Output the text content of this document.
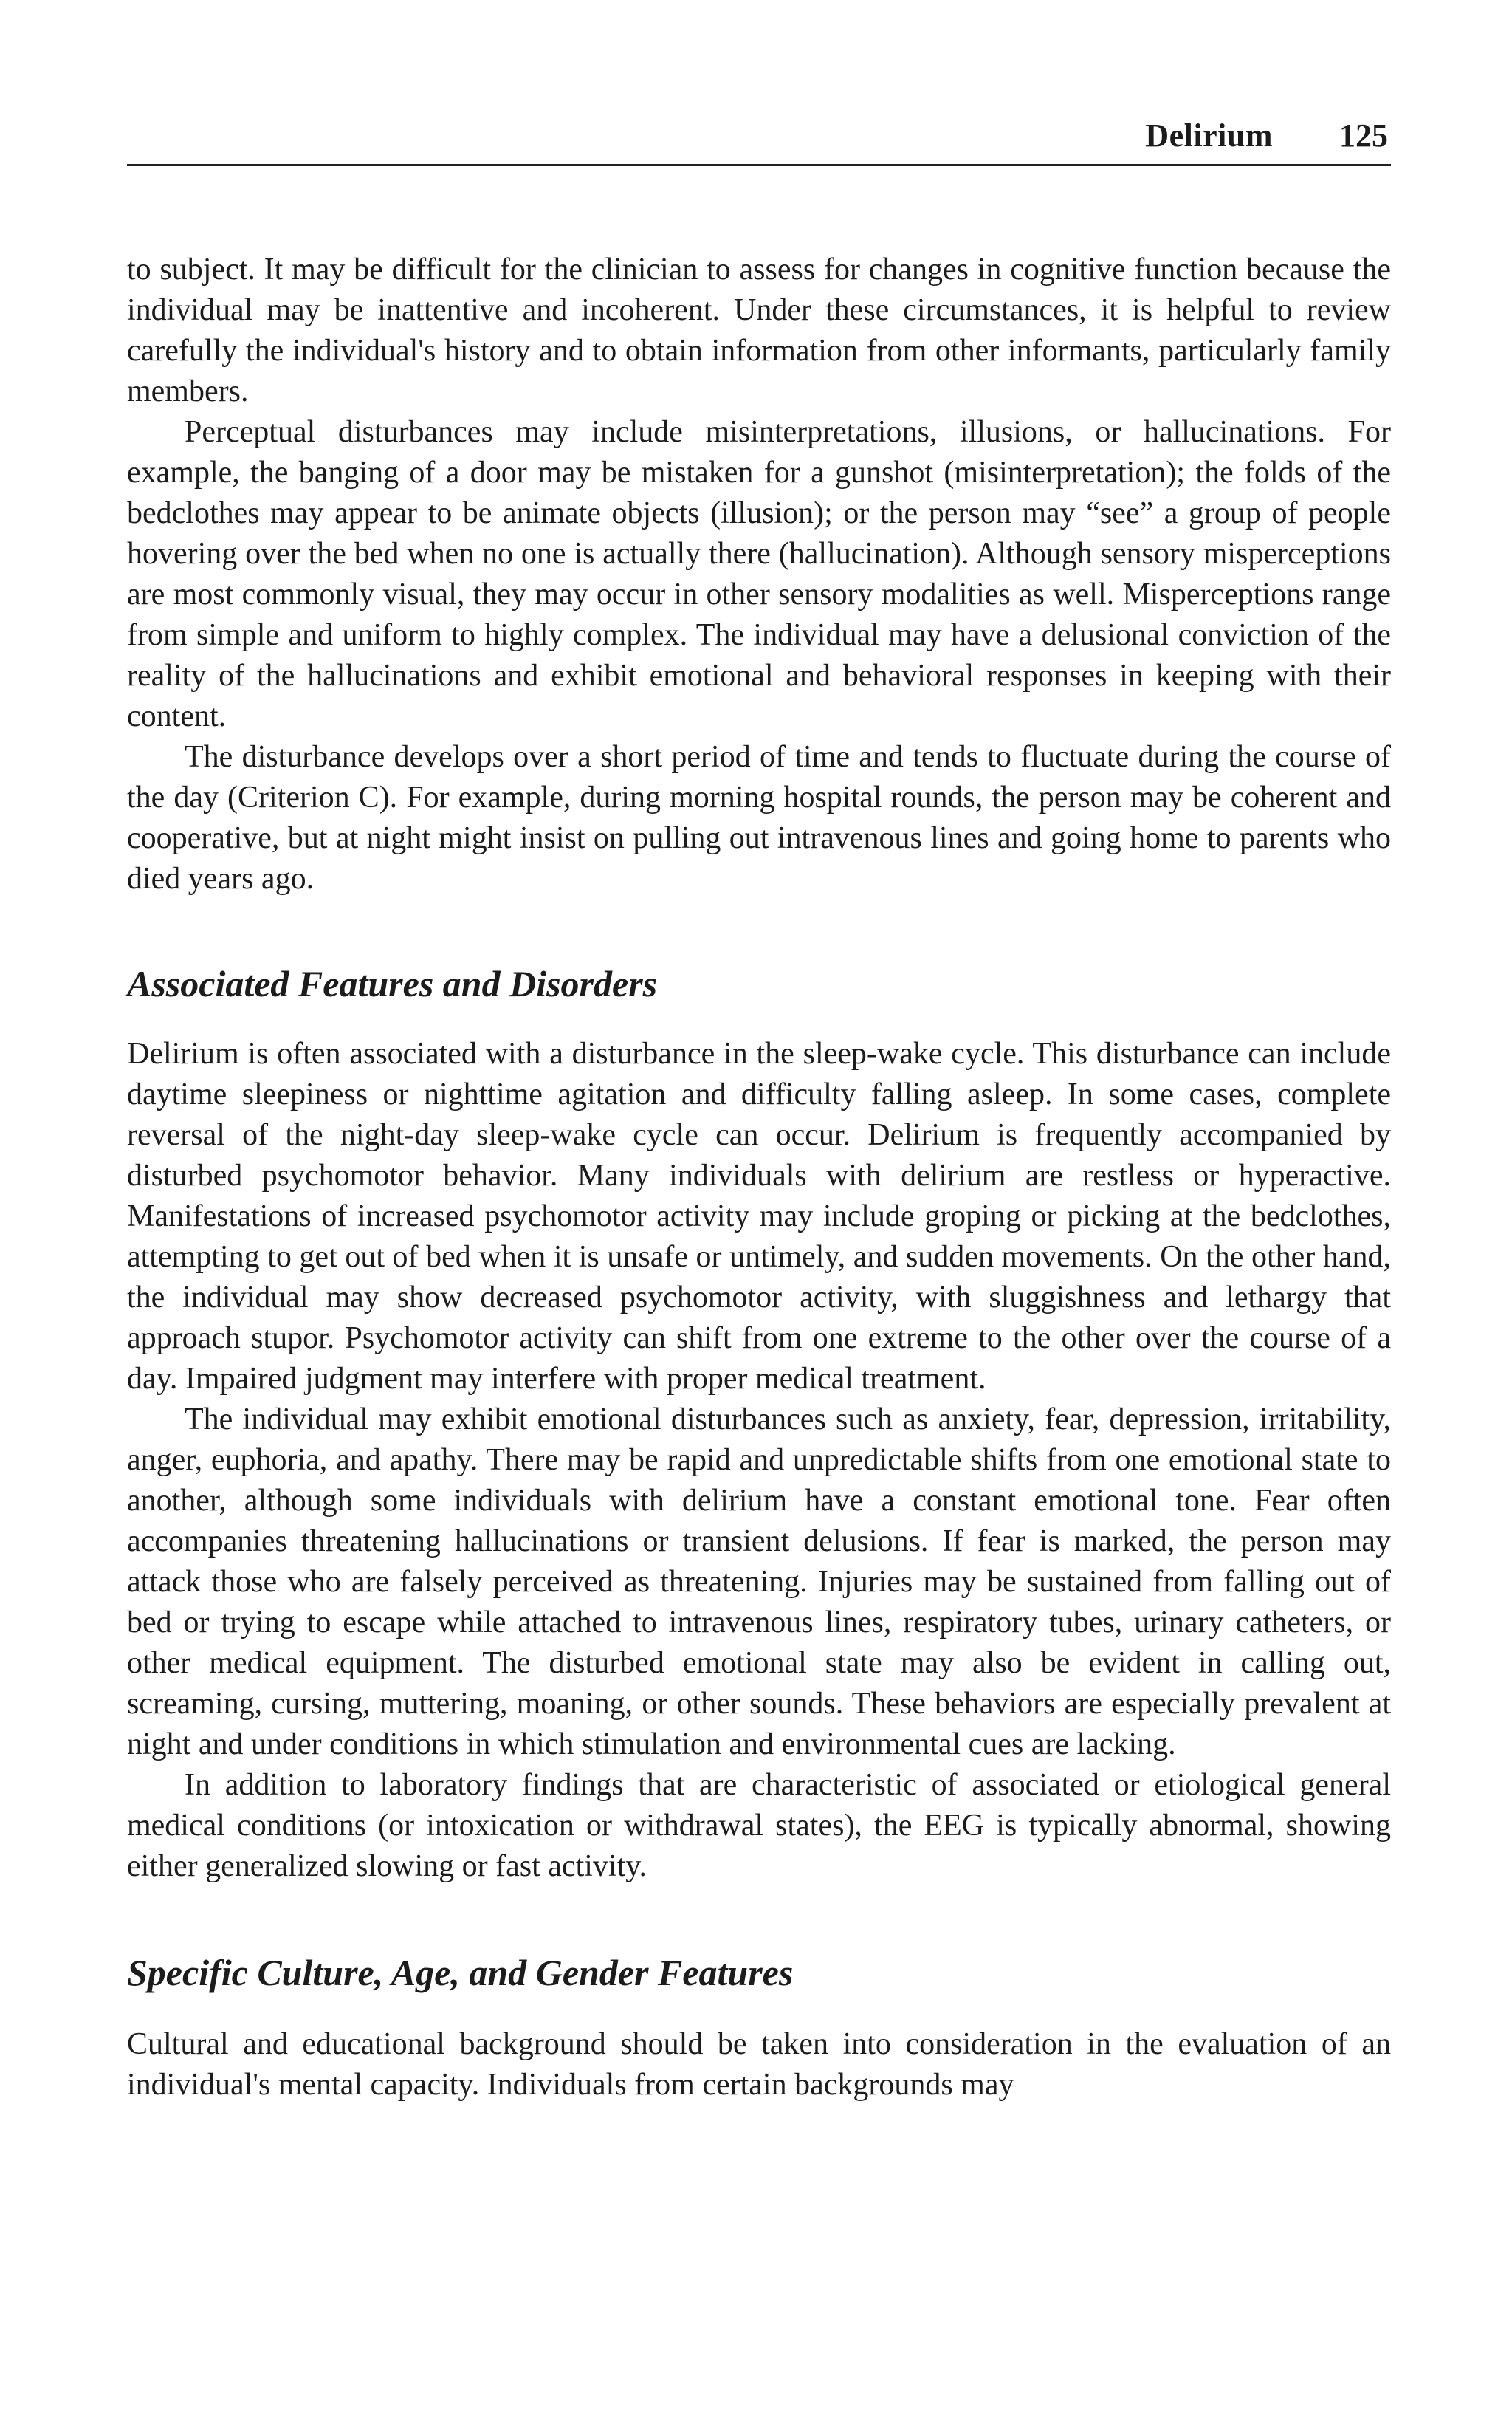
Delirium 125

to subject. It may be difficult for the clinician to assess for changes in cognitive function because the individual may be inattentive and incoherent. Under these circumstances, it is helpful to review carefully the individual's history and to obtain information from other informants, particularly family members.

Perceptual disturbances may include misinterpretations, illusions, or hallucinations. For example, the banging of a door may be mistaken for a gunshot (misinterpretation); the folds of the bedclothes may appear to be animate objects (illusion); or the person may “see” a group of people hovering over the bed when no one is actually there (hallucination). Although sensory misperceptions are most commonly visual, they may occur in other sensory modalities as well. Misperceptions range from simple and uniform to highly complex. The individual may have a delusional conviction of the reality of the hallucinations and exhibit emotional and behavioral responses in keeping with their content.

The disturbance develops over a short period of time and tends to fluctuate during the course of the day (Criterion C). For example, during morning hospital rounds, the person may be coherent and cooperative, but at night might insist on pulling out intravenous lines and going home to parents who died years ago.

Associated Features and Disorders

Delirium is often associated with a disturbance in the sleep-wake cycle. This disturbance can include daytime sleepiness or nighttime agitation and difficulty falling asleep. In some cases, complete reversal of the night-day sleep-wake cycle can occur. Delirium is frequently accompanied by disturbed psychomotor behavior. Many individuals with delirium are restless or hyperactive. Manifestations of increased psychomotor activity may include groping or picking at the bedclothes, attempting to get out of bed when it is unsafe or untimely, and sudden movements. On the other hand, the individual may show decreased psychomotor activity, with sluggishness and lethargy that approach stupor. Psychomotor activity can shift from one extreme to the other over the course of a day. Impaired judgment may interfere with proper medical treatment.

The individual may exhibit emotional disturbances such as anxiety, fear, depression, irritability, anger, euphoria, and apathy. There may be rapid and unpredictable shifts from one emotional state to another, although some individuals with delirium have a constant emotional tone. Fear often accompanies threatening hallucinations or transient delusions. If fear is marked, the person may attack those who are falsely perceived as threatening. Injuries may be sustained from falling out of bed or trying to escape while attached to intravenous lines, respiratory tubes, urinary catheters, or other medical equipment. The disturbed emotional state may also be evident in calling out, screaming, cursing, muttering, moaning, or other sounds. These behaviors are especially prevalent at night and under conditions in which stimulation and environmental cues are lacking.

In addition to laboratory findings that are characteristic of associated or etiological general medical conditions (or intoxication or withdrawal states), the EEG is typically abnormal, showing either generalized slowing or fast activity.

Specific Culture, Age, and Gender Features

Cultural and educational background should be taken into consideration in the evaluation of an individual's mental capacity. Individuals from certain backgrounds may
